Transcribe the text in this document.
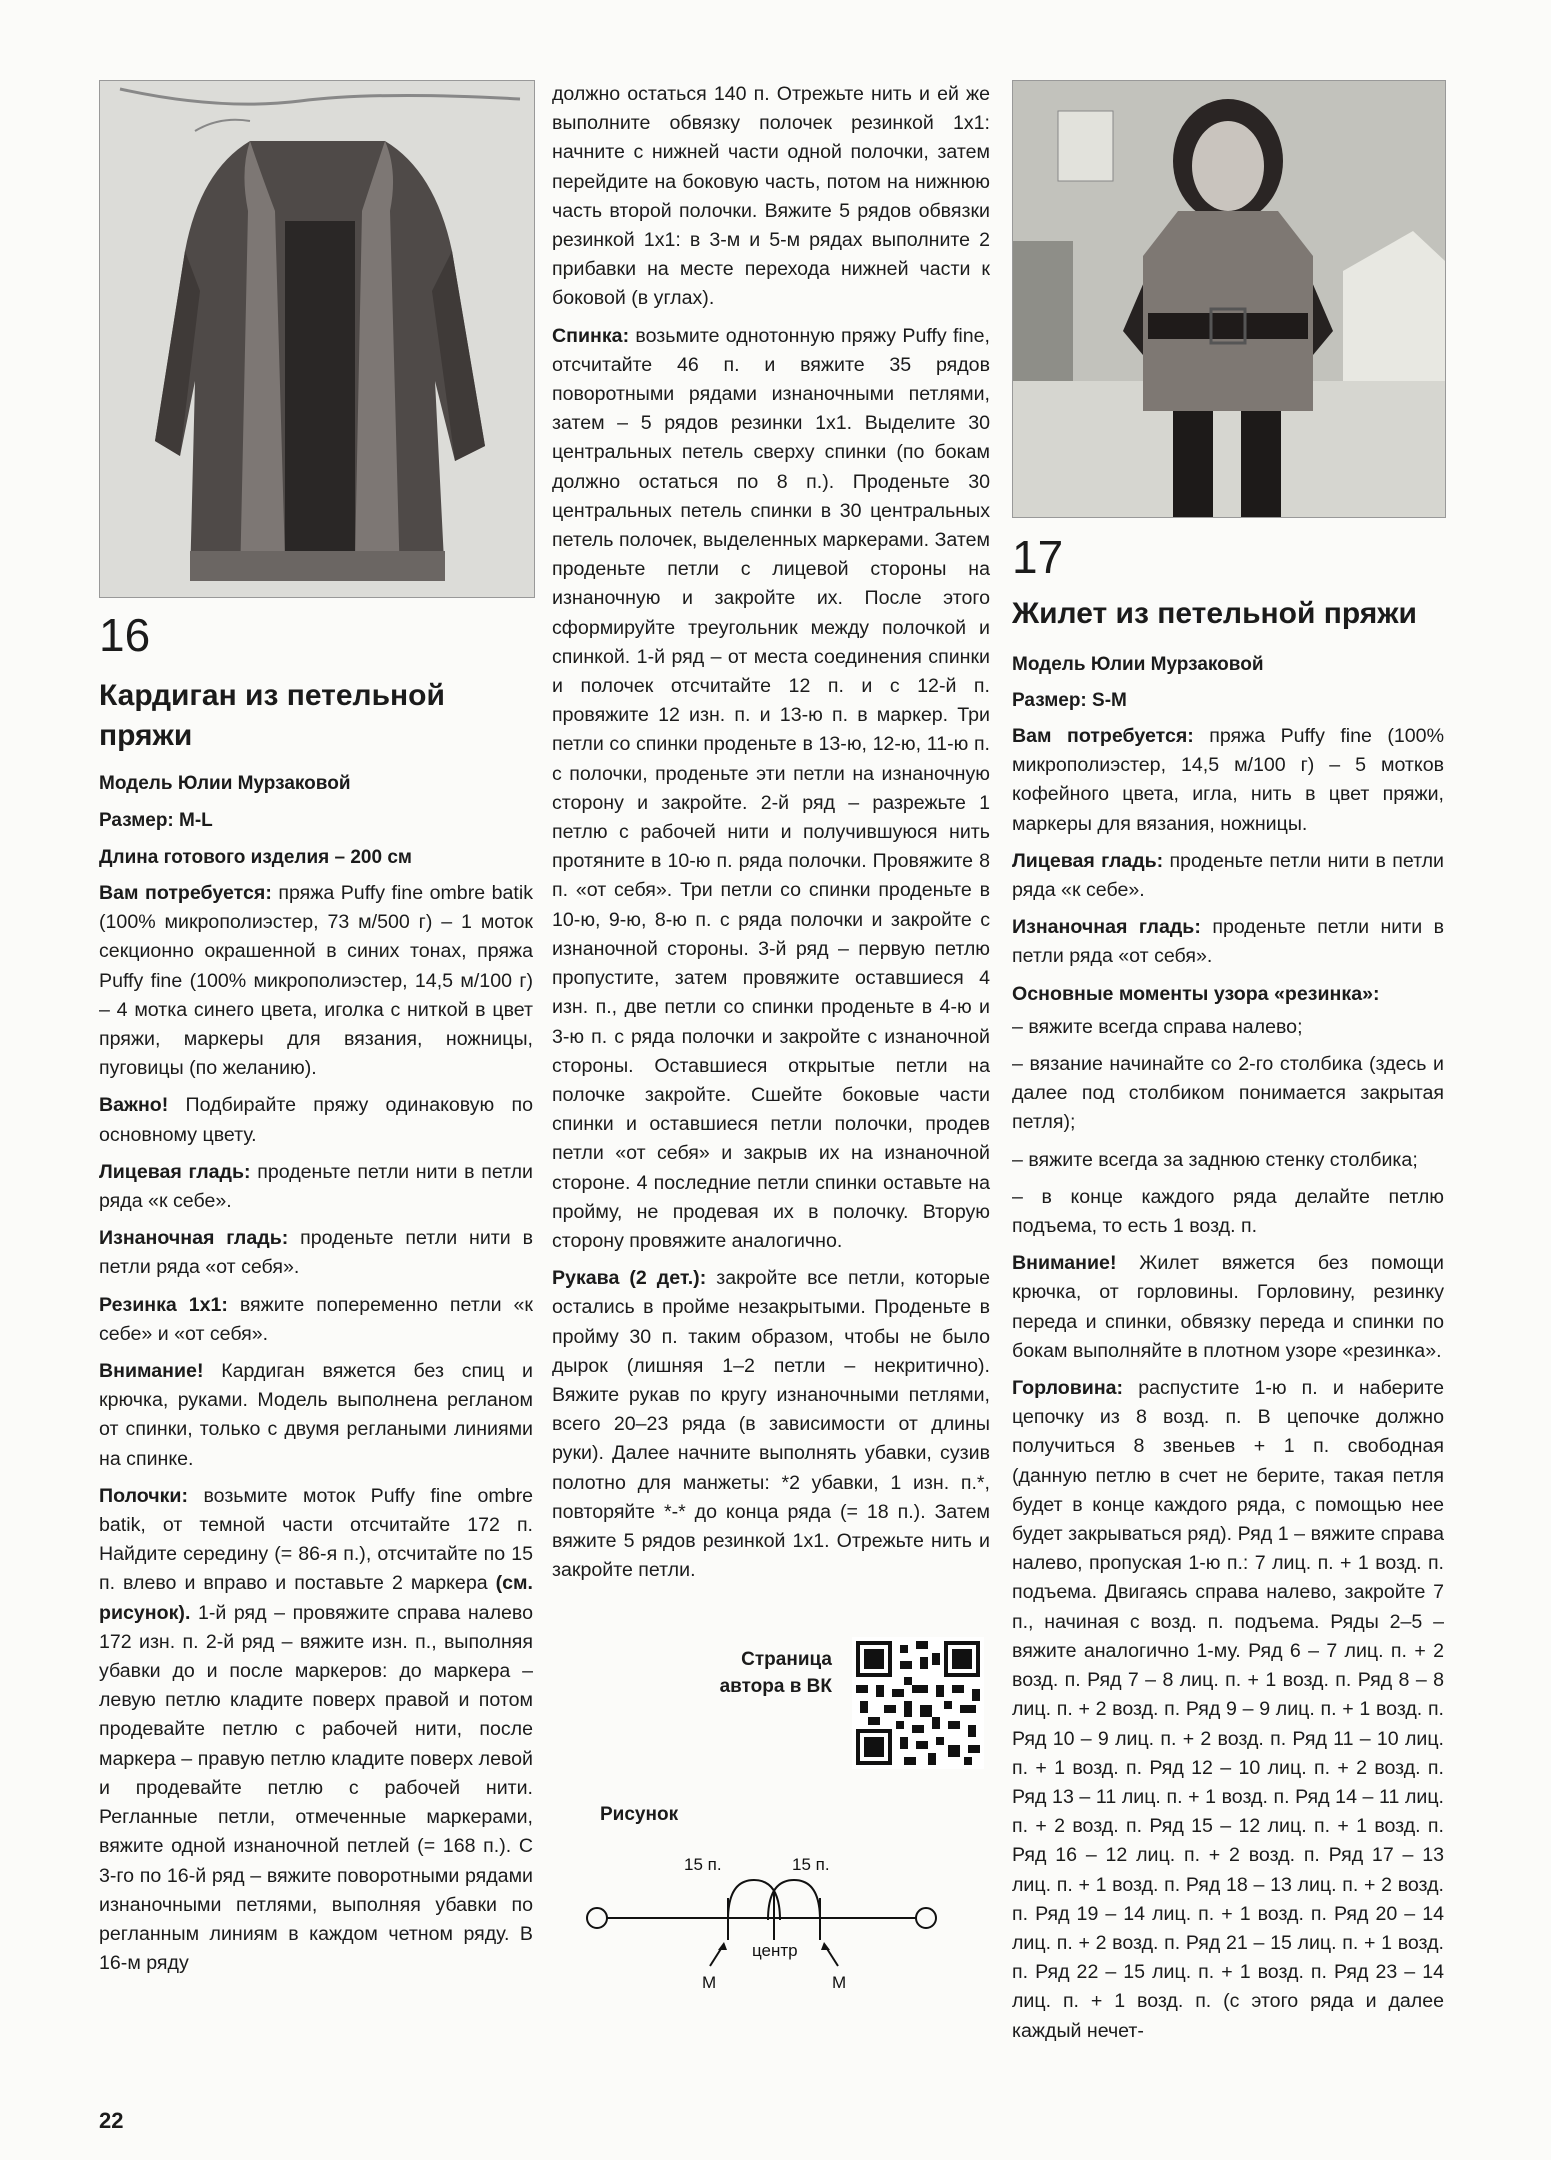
16
Кардиган из петельной пряжи
Модель Юлии Мурзаковой
Размер: M-L
Длина готового изделия – 200 см

Вам потребуется: пряжа Puffy fine ombre batik (100% микрополиэстер, 73 м/500 г) – 1 моток секционно окрашенной в синих тонах, пряжа Puffy fine (100% микрополиэстер, 14,5 м/100 г) – 4 мотка синего цвета, иголка с ниткой в цвет пряжи, маркеры для вязания, ножницы, пуговицы (по желанию).

Важно! Подбирайте пряжу одинаковую по основному цвету.

Лицевая гладь: проденьте петли нити в петли ряда «к себе».

Изнаночная гладь: проденьте петли нити в петли ряда «от себя».

Резинка 1х1: вяжите попеременно петли «к себе» и «от себя».

Внимание! Кардиган вяжется без спиц и крючка, руками. Модель выполнена регланом от спинки, только с двумя реглаными линиями на спинке.

Полочки: возьмите моток Puffy fine ombre batik, от темной части отсчитайте 172 п. Найдите середину (= 86-я п.), отсчитайте по 15 п. влево и вправо и поставьте 2 маркера (см. рисунок). 1-й ряд – провяжите справа налево 172 изн. п. 2-й ряд – вяжите изн. п., выполняя убавки до и после маркеров: до маркера – левую петлю кладите поверх правой и потом продевайте петлю с рабочей нити, после маркера – правую петлю кладите поверх левой и продевайте петлю с рабочей нити. Регланные петли, отмеченные маркерами, вяжите одной изнаночной петлей (= 168 п.). С 3-го по 16-й ряд – вяжите поворотными рядами изнаночными петлями, выполняя убавки по регланным линиям в каждом четном ряду. В 16-м ряду

должно остаться 140 п. Отрежьте нить и ей же выполните обвязку полочек резинкой 1х1: начните с нижней части одной полочки, затем перейдите на боковую часть, потом на нижнюю часть второй полочки. Вяжите 5 рядов обвязки резинкой 1х1: в 3-м и 5-м рядах выполните 2 прибавки на месте перехода нижней части к боковой (в углах).

Спинка: возьмите однотонную пряжу Puffy fine, отсчитайте 46 п. и вяжите 35 рядов поворотными рядами изнаночными петлями, затем – 5 рядов резинки 1х1. Выделите 30 центральных петель сверху спинки (по бокам должно остаться по 8 п.). Проденьте 30 центральных петель спинки в 30 центральных петель полочек, выделенных маркерами. Затем проденьте петли с лицевой стороны на изнаночную и закройте их. После этого сформируйте треугольник между полочкой и спинкой. 1-й ряд – от места соединения спинки и полочек отсчитайте 12 п. и с 12-й п. провяжите 12 изн. п. и 13-ю п. в маркер. Три петли со спинки проденьте в 13-ю, 12-ю, 11-ю п. с полочки, проденьте эти петли на изнаночную сторону и закройте. 2-й ряд – разрежьте 1 петлю с рабочей нити и получившуюся нить протяните в 10-ю п. ряда полочки. Провяжите 8 п. «от себя». Три петли со спинки проденьте в 10-ю, 9-ю, 8-ю п. с ряда полочки и закройте с изнаночной стороны. 3-й ряд – первую петлю пропустите, затем провяжите оставшиеся 4 изн. п., две петли со спинки проденьте в 4-ю и 3-ю п. с ряда полочки и закройте с изнаночной стороны. Оставшиеся открытые петли на полочке закройте. Сшейте боковые части спинки и оставшиеся петли полочки, продев петли «от себя» и закрыв их на изнаночной стороне. 4 последние петли спинки оставьте на пройму, не продевая их в полочку. Вторую сторону провяжите аналогично.

Рукава (2 дет.): закройте все петли, которые остались в пройме незакрытыми. Проденьте в пройму 30 п. таким образом, чтобы не было дырок (лишняя 1–2 петли – некритично). Вяжите рукав по кругу изнаночными петлями, всего 20–23 ряда (в зависимости от длины руки). Далее начните выполнять убавки, сузив полотно для манжеты: *2 убавки, 1 изн. п.*, повторяйте *-* до конца ряда (= 18 п.). Затем вяжите 5 рядов резинкой 1х1. Отрежьте нить и закройте петли.

Страница автора в ВК
Рисунок
15 п.	15 п.
центр
М	М
17
Жилет из петельной пряжи
Модель Юлии Мурзаковой
Размер: S-M

Вам потребуется: пряжа Puffy fine (100% микрополиэстер, 14,5 м/100 г) – 5 мотков кофейного цвета, игла, нить в цвет пряжи, маркеры для вязания, ножницы.

Лицевая гладь: проденьте петли нити в петли ряда «к себе».

Изнаночная гладь: проденьте петли нити в петли ряда «от себя».

Основные моменты узора «резинка»:

– вяжите всегда справа налево;

– вязание начинайте со 2-го столбика (здесь и далее под столбиком понимается закрытая петля);

– вяжите всегда за заднюю стенку столбика;

– в конце каждого ряда делайте петлю подъема, то есть 1 возд. п.

Внимание! Жилет вяжется без помощи крючка, от горловины. Горловину, резинку переда и спинки, обвязку переда и спинки по бокам выполняйте в плотном узоре «резинка».

Горловина: распустите 1-ю п. и наберите цепочку из 8 возд. п. В цепочке должно получиться 8 звеньев + 1 п. свободная (данную петлю в счет не берите, такая петля будет в конце каждого ряда, с помощью нее будет закрываться ряд). Ряд 1 – вяжите справа налево, пропуская 1-ю п.: 7 лиц. п. + 1 возд. п. подъема. Двигаясь справа налево, закройте 7 п., начиная с возд. п. подъема. Ряды 2–5 – вяжите аналогично 1-му. Ряд 6 – 7 лиц. п. + 2 возд. п. Ряд 7 – 8 лиц. п. + 1 возд. п. Ряд 8 – 8 лиц. п. + 2 возд. п. Ряд 9 – 9 лиц. п. + 1 возд. п. Ряд 10 – 9 лиц. п. + 2 возд. п. Ряд 11 – 10 лиц. п. + 1 возд. п. Ряд 12 – 10 лиц. п. + 2 возд. п. Ряд 13 – 11 лиц. п. + 1 возд. п. Ряд 14 – 11 лиц. п. + 2 возд. п. Ряд 15 – 12 лиц. п. + 1 возд. п. Ряд 16 – 12 лиц. п. + 2 возд. п. Ряд 17 – 13 лиц. п. + 1 возд. п. Ряд 18 – 13 лиц. п. + 2 возд. п. Ряд 19 – 14 лиц. п. + 1 возд. п. Ряд 20 – 14 лиц. п. + 2 возд. п. Ряд 21 – 15 лиц. п. + 1 возд. п. Ряд 22 – 15 лиц. п. + 1 возд. п. Ряд 23 – 14 лиц. п. + 1 возд. п. (с этого ряда и далее каждый нечет-

22
